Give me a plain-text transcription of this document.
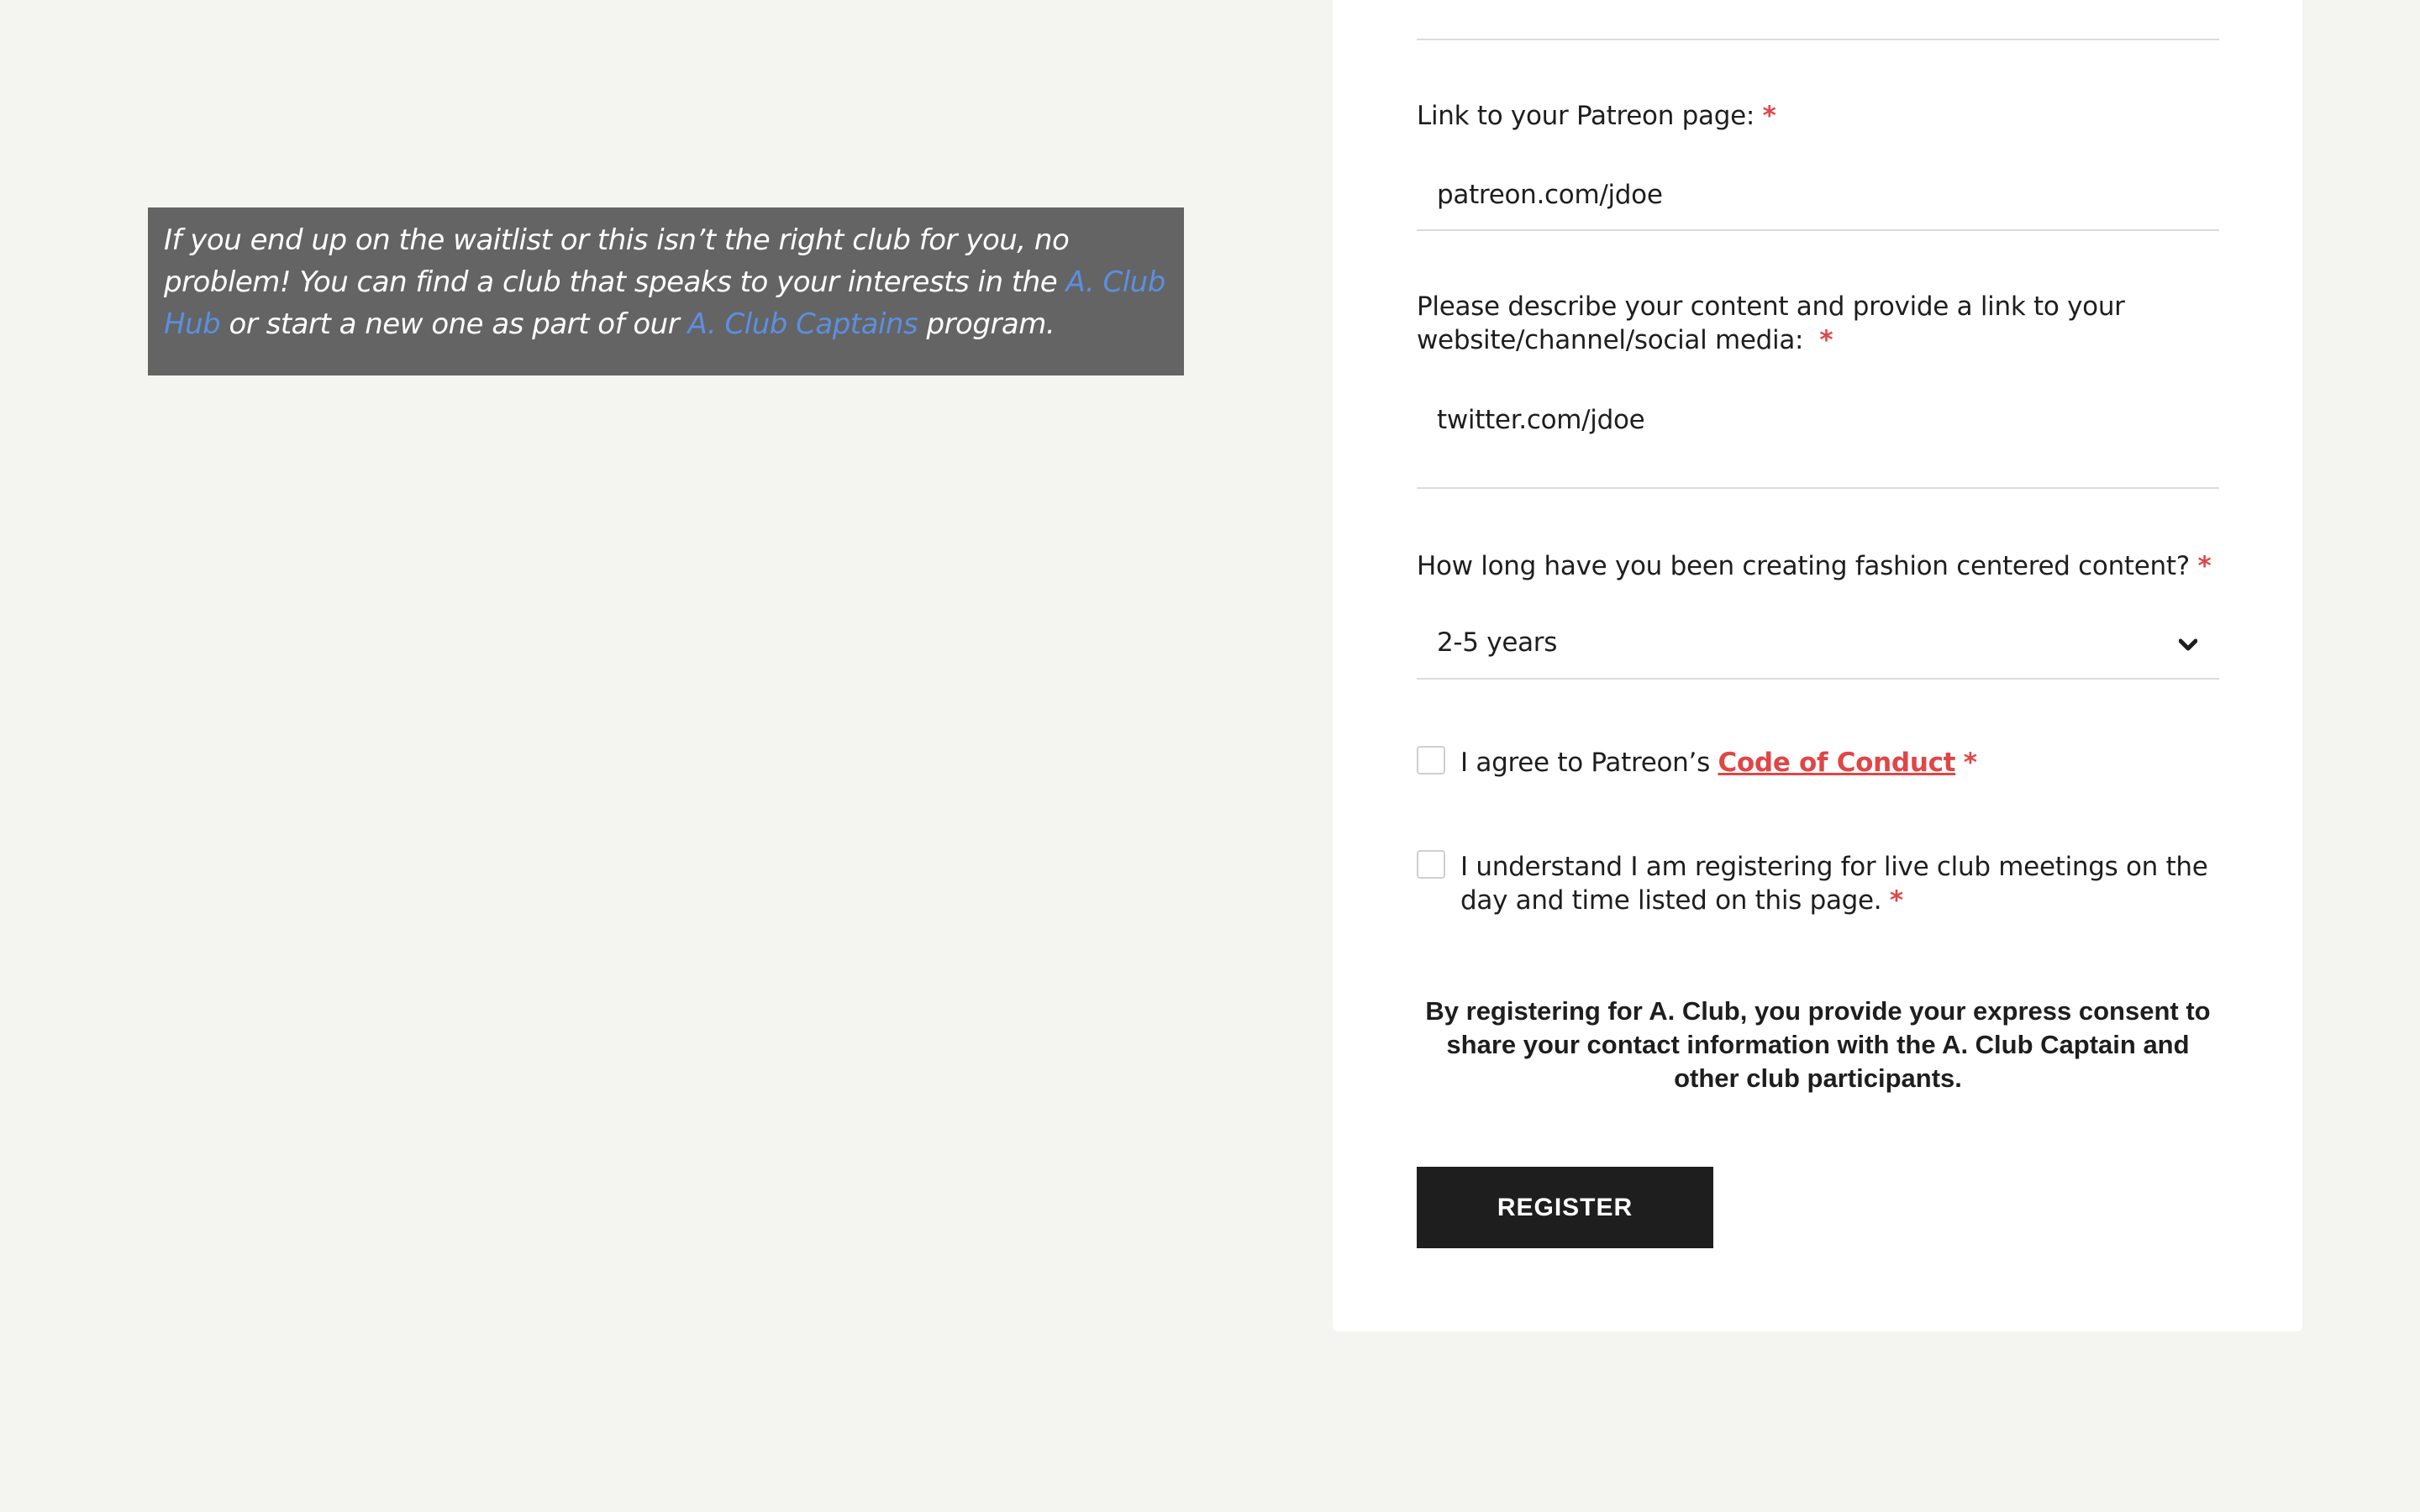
If you end up on the waitlist or this isn’t the right club for you, no problem! You can find a club that speaks to your interests in the A. Club Hub or start a new one as part of our A. Club Captains program.
Link to your Patreon page: *
patreon.com/jdoe
Please describe your content and provide a link to your website/channel/social media: *
twitter.com/jdoe
How long have you been creating fashion centered content? *
2-5 years
I agree to Patreon’s Code of Conduct *
I understand I am registering for live club meetings on the day and time listed on this page. *
By registering for A. Club, you provide your express consent to share your contact information with the A. Club Captain and other club participants.
REGISTER
